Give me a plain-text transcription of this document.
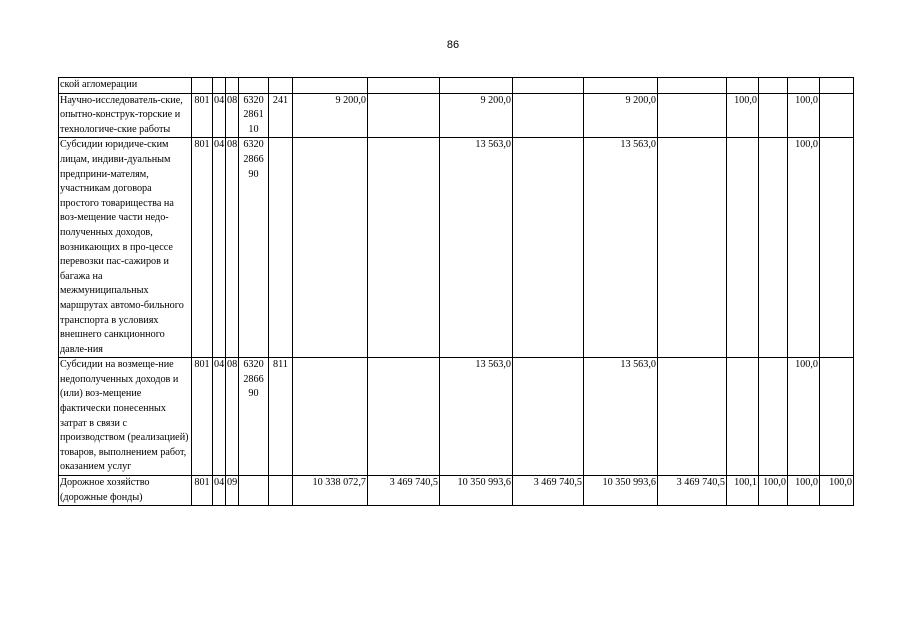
86
ской агломерации															
Научно-исследователь-ские, опытно-конструк-торские и технологиче-ские работы	801	04	08	6320 2861 10	241	9 200,0		9 200,0		9 200,0		100,0		100,0	
Субсидии юридиче-ским лицам, индиви-дуальным предприни-мателям, участникам договора простого товарищества на воз-мещение части недо-полученных доходов, возникающих в про-цессе перевозки пас-сажиров и багажа на межмуниципальных маршрутах автомо-бильного транспорта в условиях внешнего санкционного давле-ния	801	04	08	6320 2866 90				13 563,0		13 563,0				100,0	
Субсидии на возмеще-ние недополученных доходов и (или) воз-мещение фактически понесенных затрат в связи с производством (реализацией) товаров, выполнением работ, оказанием услуг	801	04	08	6320 2866 90	811			13 563,0		13 563,0				100,0	
Дорожное хозяйство (дорожные фонды)	801	04	09			10 338 072,7	3 469 740,5	10 350 993,6	3 469 740,5	10 350 993,6	3 469 740,5	100,1	100,0	100,0	100,0
